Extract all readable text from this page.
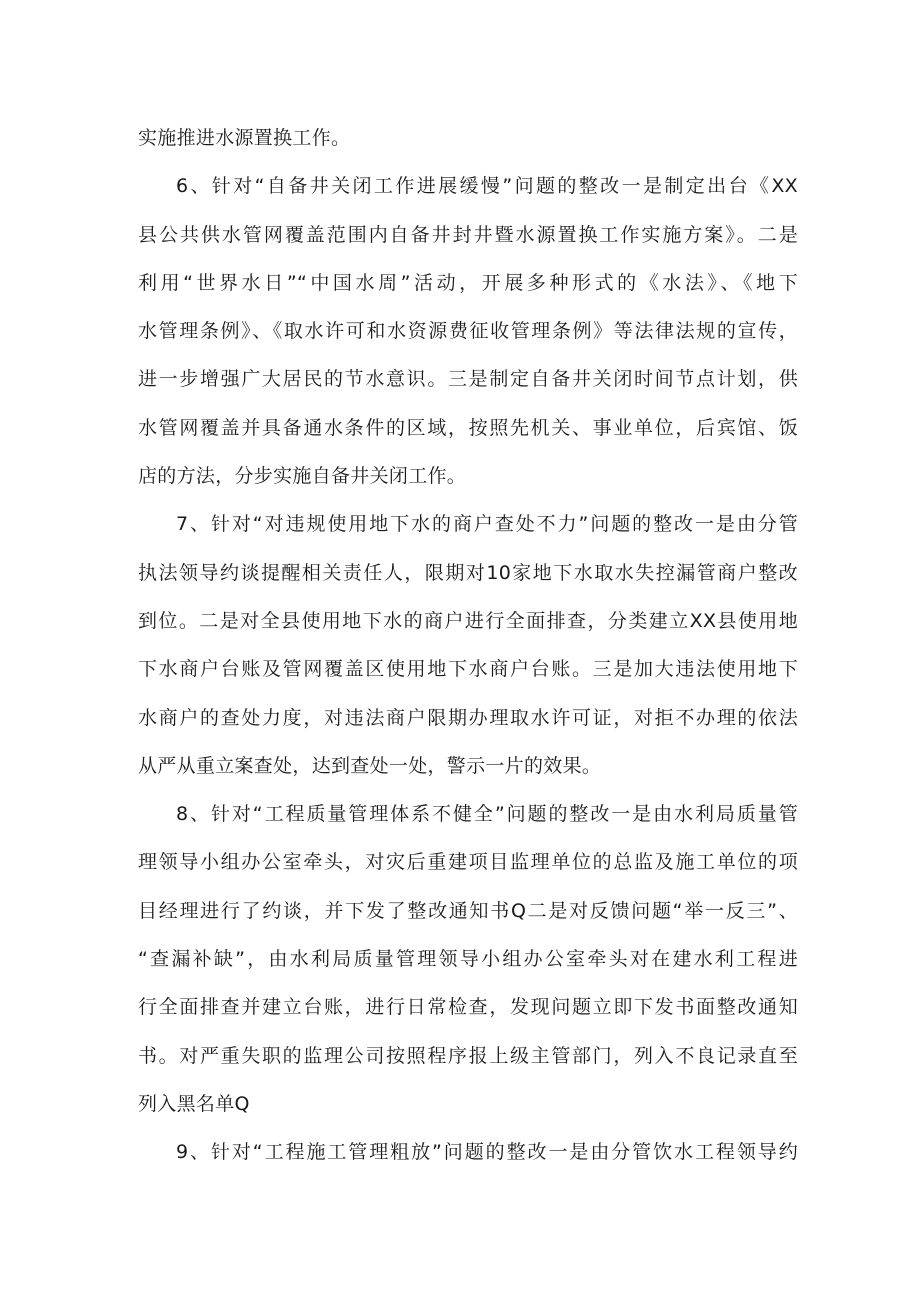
实施推进水源置换工作。
6、针对“自备井关闭工作进展缓慢”问题的整改一是制定出台《XX
县公共供水管网覆盖范围内自备井封井暨水源置换工作实施方案》。二是
利用“世界水日”“中国水周”活动，开展多种形式的《水法》、《地下
水管理条例》、《取水许可和水资源费征收管理条例》等法律法规的宣传，
进一步增强广大居民的节水意识。三是制定自备井关闭时间节点计划，供
水管网覆盖并具备通水条件的区域，按照先机关、事业单位，后宾馆、饭
店的方法，分步实施自备井关闭工作。
7、针对“对违规使用地下水的商户查处不力”问题的整改一是由分管
执法领导约谈提醒相关责任人，限期对10家地下水取水失控漏管商户整改
到位。二是对全县使用地下水的商户进行全面排查，分类建立XX县使用地
下水商户台账及管网覆盖区使用地下水商户台账。三是加大违法使用地下
水商户的查处力度，对违法商户限期办理取水许可证，对拒不办理的依法
从严从重立案查处，达到查处一处，警示一片的效果。
8、针对“工程质量管理体系不健全”问题的整改一是由水利局质量管
理领导小组办公室牵头，对灾后重建项目监理单位的总监及施工单位的项
目经理进行了约谈，并下发了整改通知书Q二是对反馈问题“举一反三”、
“查漏补缺”，由水利局质量管理领导小组办公室牵头对在建水利工程进
行全面排查并建立台账，进行日常检查，发现问题立即下发书面整改通知
书。对严重失职的监理公司按照程序报上级主管部门，列入不良记录直至
列入黑名单Q
9、针对“工程施工管理粗放”问题的整改一是由分管饮水工程领导约
